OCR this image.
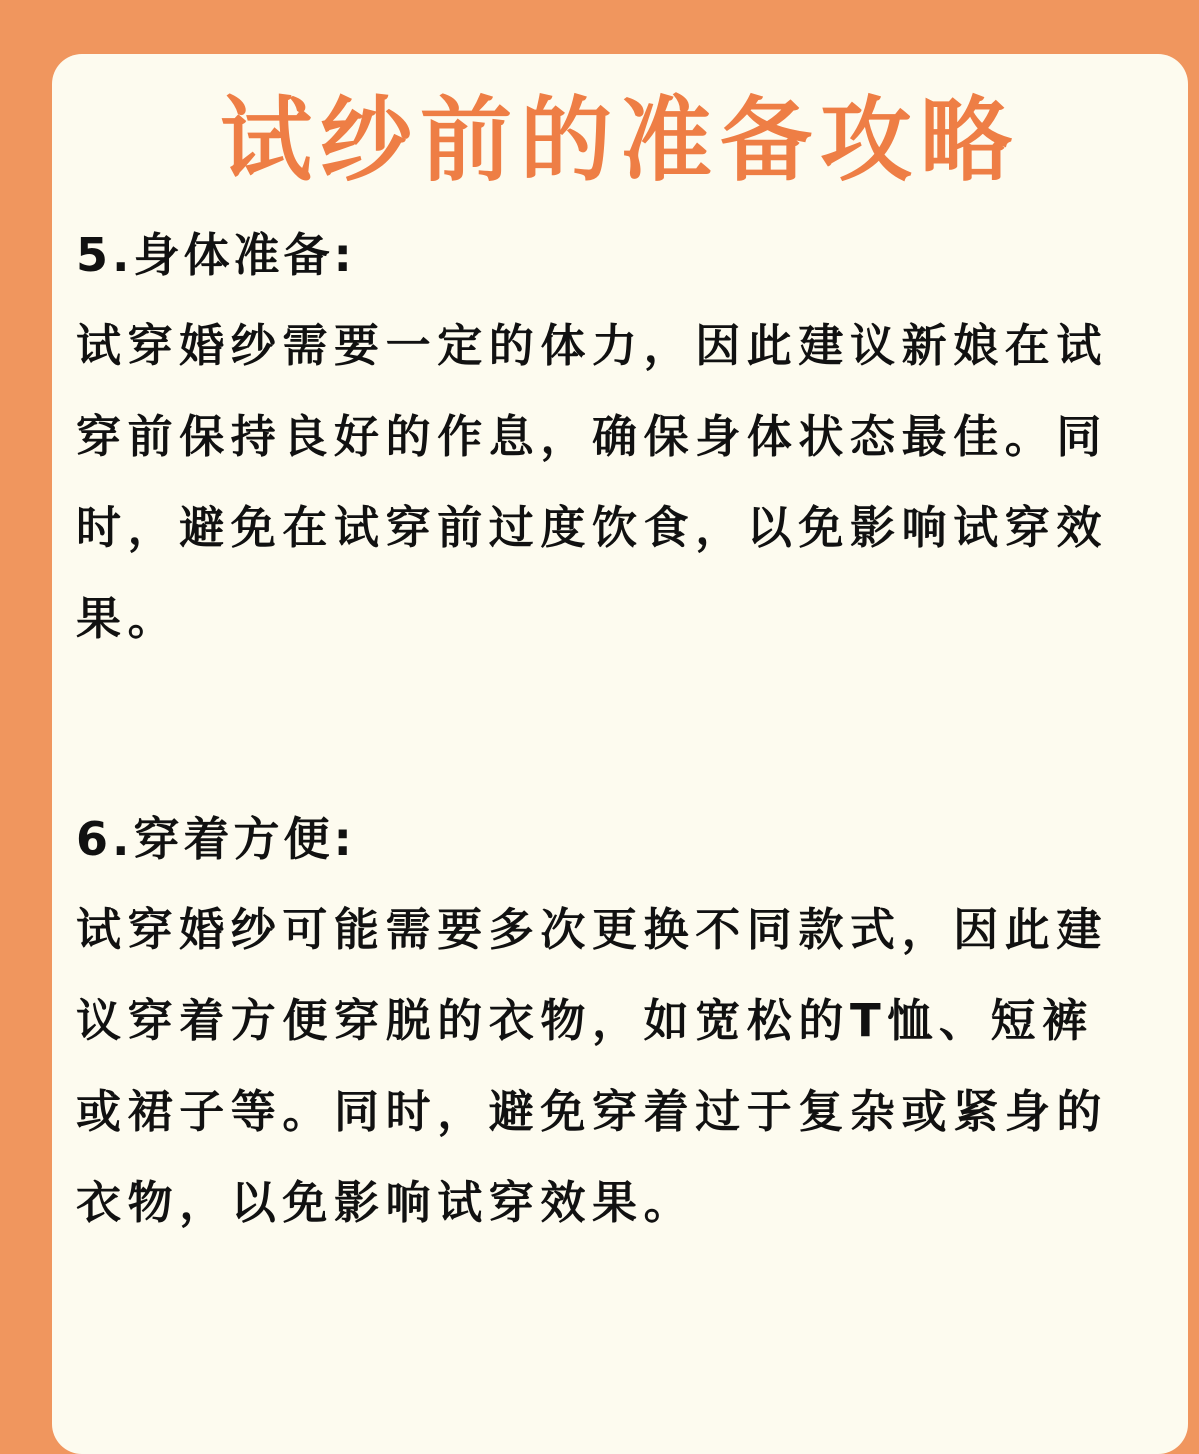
试纱前的准备攻略
5.身体准备:

试穿婚纱需要一定的体力，因此建议新娘在试穿前保持良好的作息，确保身体状态最佳。同时，避免在试穿前过度饮食，以免影响试穿效果。

6.穿着方便:

试穿婚纱可能需要多次更换不同款式，因此建议穿着方便穿脱的衣物，如宽松的T恤、短裤或裙子等。同时，避免穿着过于复杂或紧身的衣物，以免影响试穿效果。
